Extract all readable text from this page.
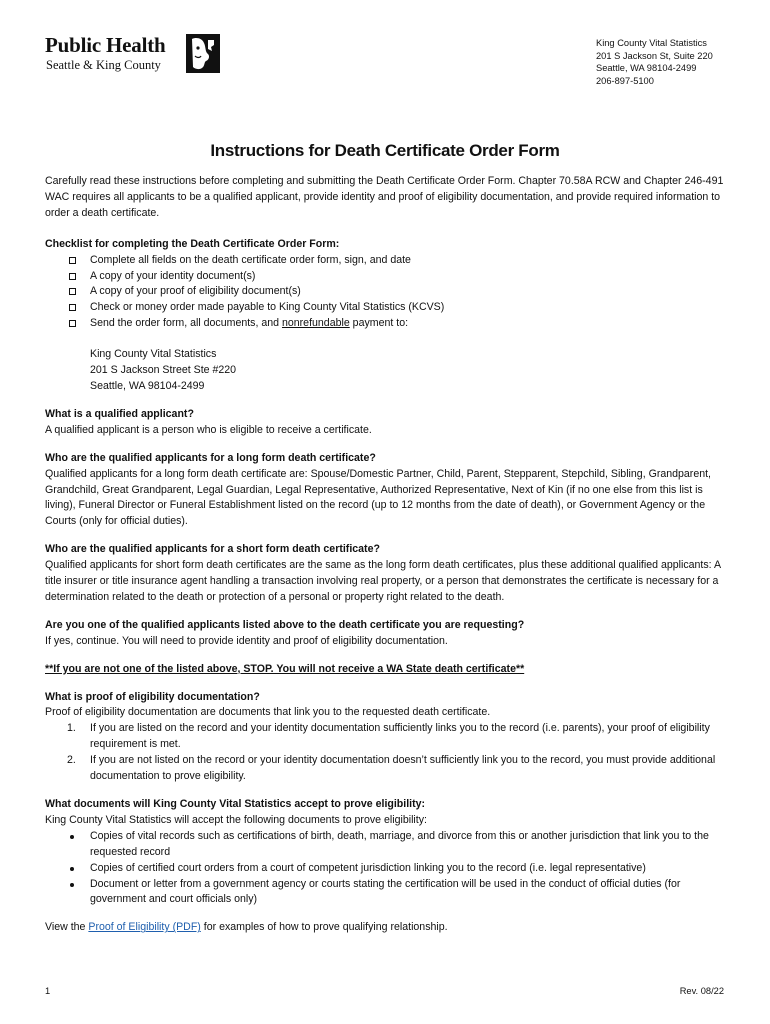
Public Health
Seattle & King County
King County Vital Statistics
201 S Jackson St, Suite 220
Seattle, WA 98104-2499
206-897-5100
Instructions for Death Certificate Order Form

Carefully read these instructions before completing and submitting the Death Certificate Order Form. Chapter 70.58A RCW and Chapter 246-491 WAC requires all applicants to be a qualified applicant, provide identity and proof of eligibility documentation, and provide required information to order a death certificate.

Checklist for completing the Death Certificate Order Form:

Complete all fields on the death certificate order form, sign, and date
A copy of your identity document(s)
A copy of your proof of eligibility document(s)
Check or money order made payable to King County Vital Statistics (KCVS)
Send the order form, all documents, and nonrefundable payment to:
King County Vital Statistics
201 S Jackson Street Ste #220
Seattle, WA 98104-2499

What is a qualified applicant?

A qualified applicant is a person who is eligible to receive a certificate.

Who are the qualified applicants for a long form death certificate?

Qualified applicants for a long form death certificate are: Spouse/Domestic Partner, Child, Parent, Stepparent, Stepchild, Sibling, Grandparent, Grandchild, Great Grandparent, Legal Guardian, Legal Representative, Authorized Representative, Next of Kin (if no one else from this list is living), Funeral Director or Funeral Establishment listed on the record (up to 12 months from the date of death), or Government Agency or the Courts (only for official duties).

Who are the qualified applicants for a short form death certificate?

Qualified applicants for short form death certificates are the same as the long form death certificates, plus these additional qualified applicants: A title insurer or title insurance agent handling a transaction involving real property, or a person that demonstrates the certificate is necessary for a determination related to the death or protection of a personal or property right related to the death.

Are you one of the qualified applicants listed above to the death certificate you are requesting?

If yes, continue. You will need to provide identity and proof of eligibility documentation.

**If you are not one of the listed above, STOP. You will not receive a WA State death certificate**

What is proof of eligibility documentation?

Proof of eligibility documentation are documents that link you to the requested death certificate.

1. If you are listed on the record and your identity documentation sufficiently links you to the record (i.e. parents), your proof of eligibility requirement is met.
2. If you are not listed on the record or your identity documentation doesn’t sufficiently link you to the record, you must provide additional documentation to prove eligibility.

What documents will King County Vital Statistics accept to prove eligibility:

King County Vital Statistics will accept the following documents to prove eligibility:

Copies of vital records such as certifications of birth, death, marriage, and divorce from this or another jurisdiction that link you to the requested record
Copies of certified court orders from a court of competent jurisdiction linking you to the record (i.e. legal representative)
Document or letter from a government agency or courts stating the certification will be used in the conduct of official duties (for government and court officials only)

View the Proof of Eligibility (PDF) for examples of how to prove qualifying relationship.

1	Rev. 08/22
